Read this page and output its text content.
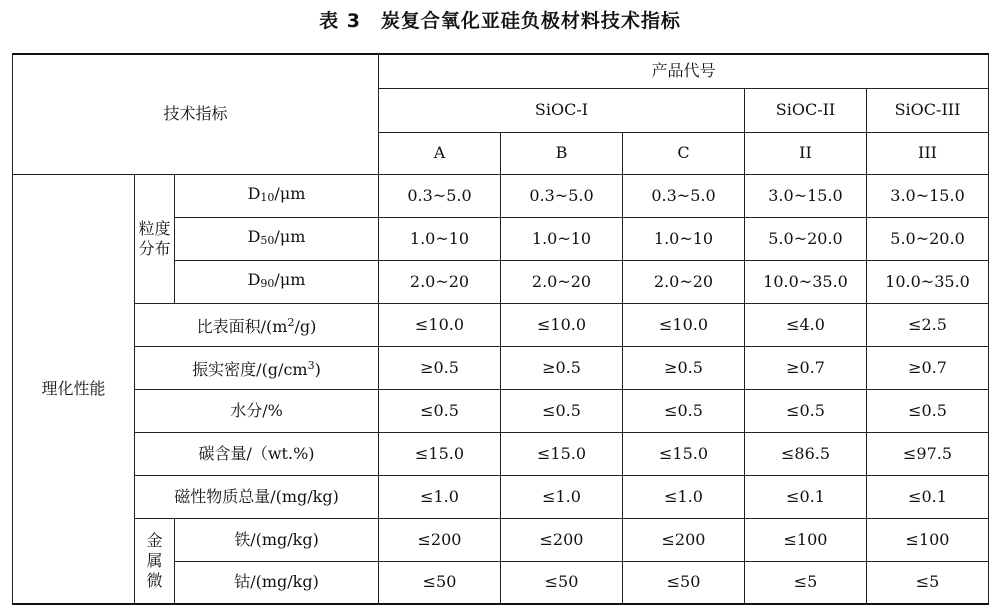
表 3　炭复合氧化亚硅负极材料技术指标
技术指标			产品代号				
			SiOC-I			SiOC-II	SiOC-III
			A	B	C	II	III
理化性能	粒度分布	D10/μm	0.3~5.0	0.3~5.0	0.3~5.0	3.0~15.0	3.0~15.0
		D50/μm	1.0~10	1.0~10	1.0~10	5.0~20.0	5.0~20.0
		D90/μm	2.0~20	2.0~20	2.0~20	10.0~35.0	10.0~35.0
	比表面积$/(m^2/g)$		≤10.0	≤10.0	≤10.0	≤4.0	≤2.5
	振实密度$/(g/cm^3)$		≥0.5	≥0.5	≥0.5	≥0.7	≥0.7
	水分/%		≤0.5	≤0.5	≤0.5	≤0.5	≤0.5
	碳含量/（wt.%)		≤15.0	≤15.0	≤15.0	≤86.5	≤97.5
	磁性物质总量/(mg/kg)		≤1.0	≤1.0	≤1.0	≤0.1	≤0.1
	金属微	铁/(mg/kg)	≤200	≤200	≤200	≤100	≤100
		钴/(mg/kg)	≤50	≤50	≤50	≤5	≤5
